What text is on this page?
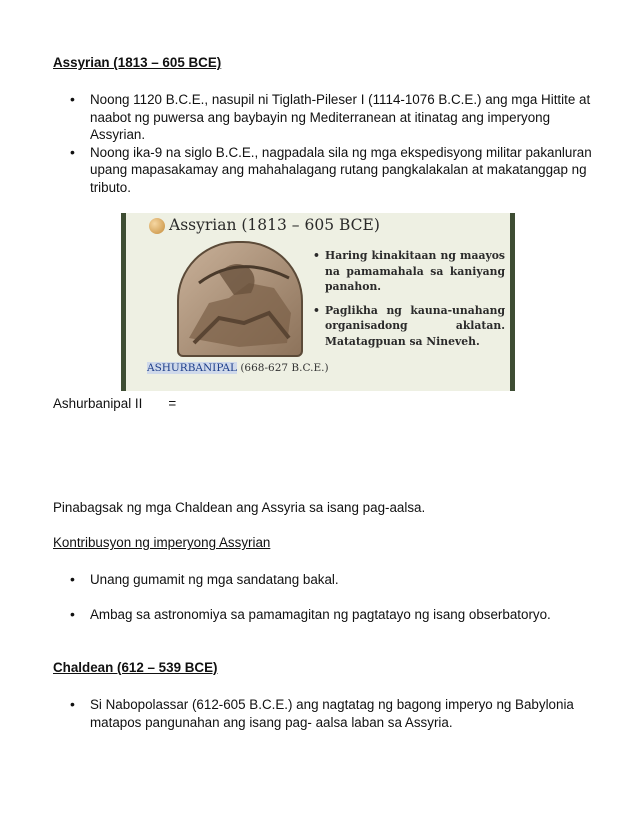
Assyrian (1813 – 605 BCE)
• Noong 1120 B.C.E., nasupil ni Tiglath-Pileser I (1114-1076 B.C.E.) ang mga Hittite at naabot ng puwersa ang baybayin ng Mediterranean at itinatag ang imperyong Assyrian.
• Noong ika-9 na siglo B.C.E., nagpadala sila ng mga ekspedisyong militar pakanluran upang mapasakamay ang mahahalagang rutang pangkalakalan at makatanggap ng tributo.
Assyrian (1813 – 605 BCE)
• Haring kinakitaan ng maayos na pamamahala sa kaniyang panahon.
• Paglikha ng kauna-unahang organisadong aklatan. Matatagpuan sa Nineveh.
ASHURBANIPAL (668-627 B.C.E.)
Ashurbanipal II       =
Pinabagsak ng mga Chaldean ang Assyria sa isang pag-aalsa.
Kontribusyon ng imperyong Assyrian
• Unang gumamit ng mga sandatang bakal.
• Ambag sa astronomiya sa pamamagitan ng pagtatayo ng isang obserbatoryo.
Chaldean (612 – 539 BCE)
• Si Nabopolassar (612-605 B.C.E.) ang nagtatag ng bagong imperyo ng Babylonia matapos pangunahan ang isang pag- aalsa laban sa Assyria.
